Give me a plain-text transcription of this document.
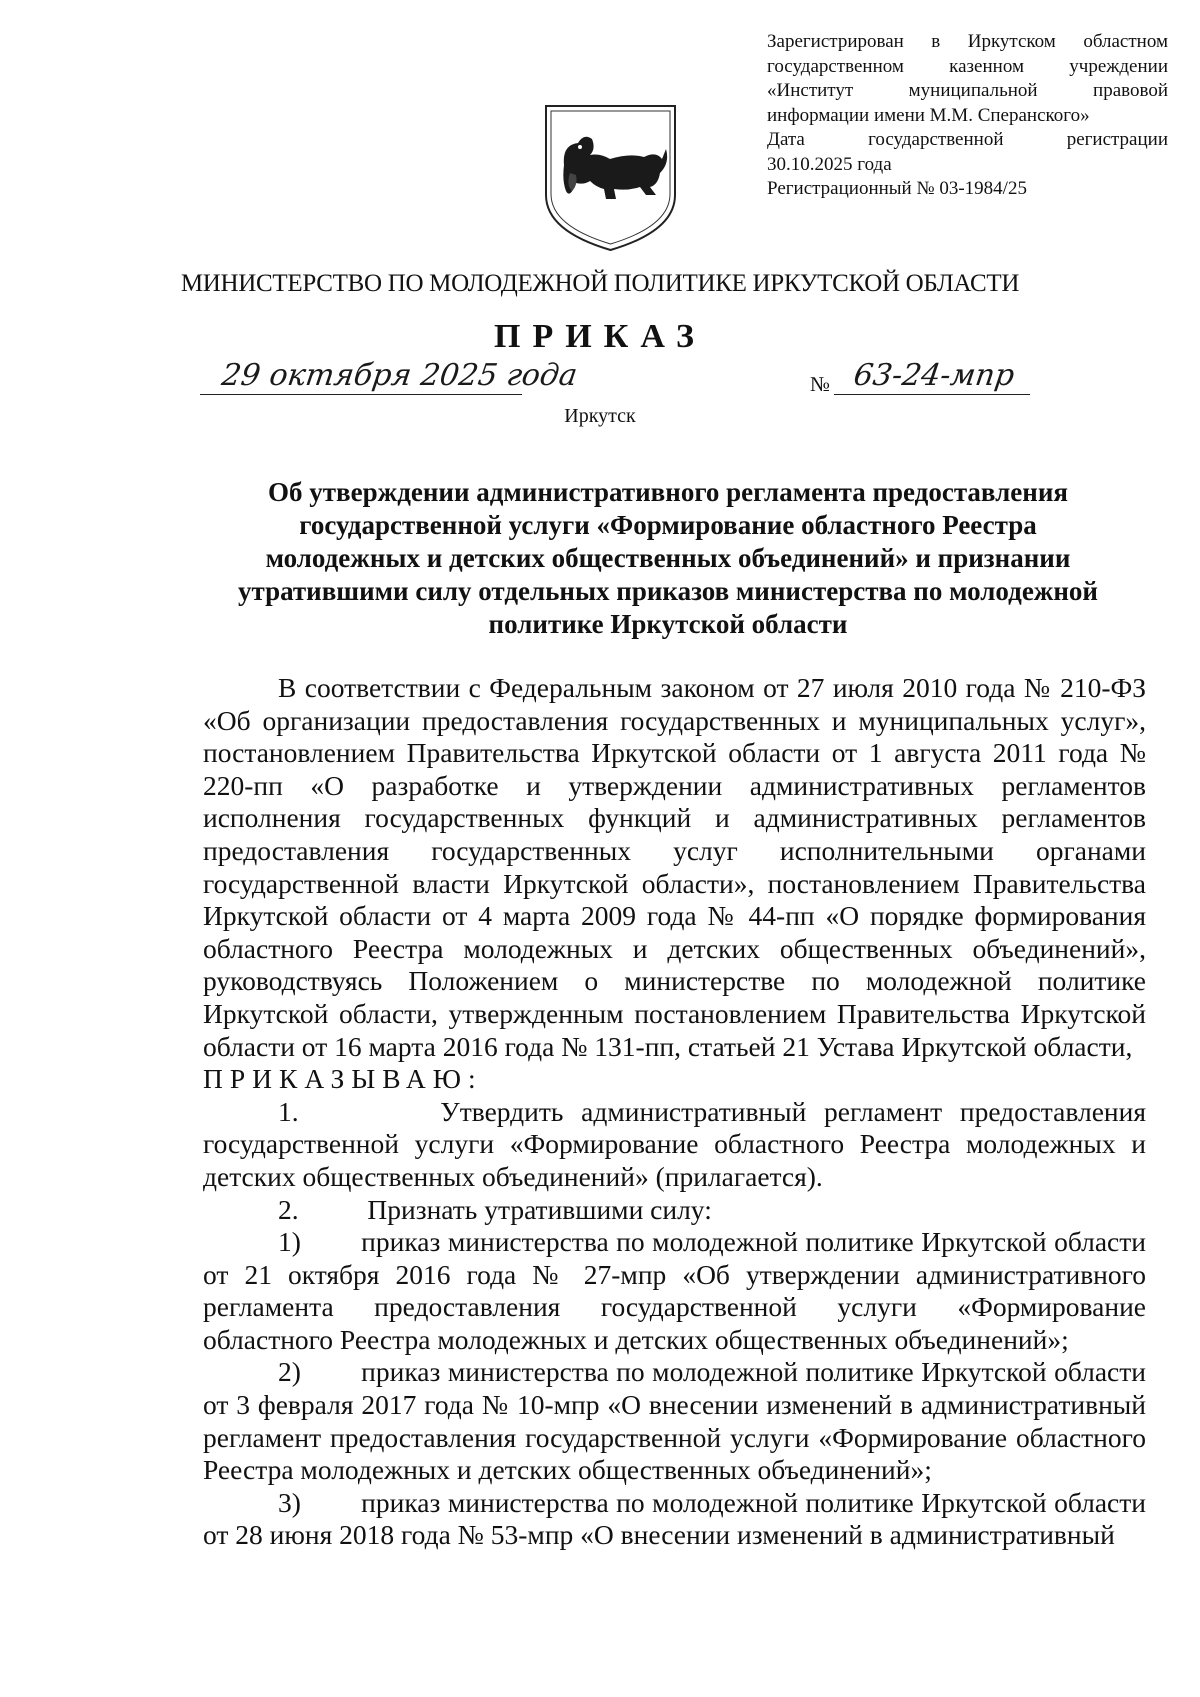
Зарегистрирован в Иркутском областном
государственном казенном учреждении
«Институт муниципальной правовой
информации имени М.М. Сперанского»
Дата государственной регистрации
30.10.2025 года
Регистрационный № 03-1984/25
МИНИСТЕРСТВО ПО МОЛОДЕЖНОЙ ПОЛИТИКЕ ИРКУТСКОЙ ОБЛАСТИ
ПРИКАЗ
29 октября 2025 года	№ 63-24-мпр
Иркутск
Об утверждении административного регламента предоставления
государственной услуги «Формирование областного Реестра
молодежных и детских общественных объединений» и признании
утратившими силу отдельных приказов министерства по молодежной
политике Иркутской области

В соответствии с Федеральным законом от 27 июля 2010 года № 210-ФЗ «Об организации предоставления государственных и муниципальных услуг», постановлением Правительства Иркутской области от 1 августа 2011 года № 220-пп «О разработке и утверждении административных регламентов исполнения государственных функций и административных регламентов предоставления государственных услуг исполнительными органами государственной власти Иркутской области», постановлением Правительства Иркутской области от 4 марта 2009 года № 44-пп «О порядке формирования областного Реестра молодежных и детских общественных объединений», руководствуясь Положением о министерстве по молодежной политике Иркутской области, утвержденным постановлением Правительства Иркутской области от 16 марта 2016 года № 131-пп, статьей 21 Устава Иркутской области,

ПРИКАЗЫВАЮ:

1.	Утвердить административный регламент предоставления государственной услуги «Формирование областного Реестра молодежных и детских общественных объединений» (прилагается).

2.	Признать утратившими силу:

1) приказ министерства по молодежной политике Иркутской области от 21 октября 2016 года № 27-мпр «Об утверждении административного регламента предоставления государственной услуги «Формирование областного Реестра молодежных и детских общественных объединений»;

2) приказ министерства по молодежной политике Иркутской области от 3 февраля 2017 года № 10-мпр «О внесении изменений в административный регламент предоставления государственной услуги «Формирование областного Реестра молодежных и детских общественных объединений»;

3) приказ министерства по молодежной политике Иркутской области от 28 июня 2018 года № 53-мпр «О внесении изменений в административный
